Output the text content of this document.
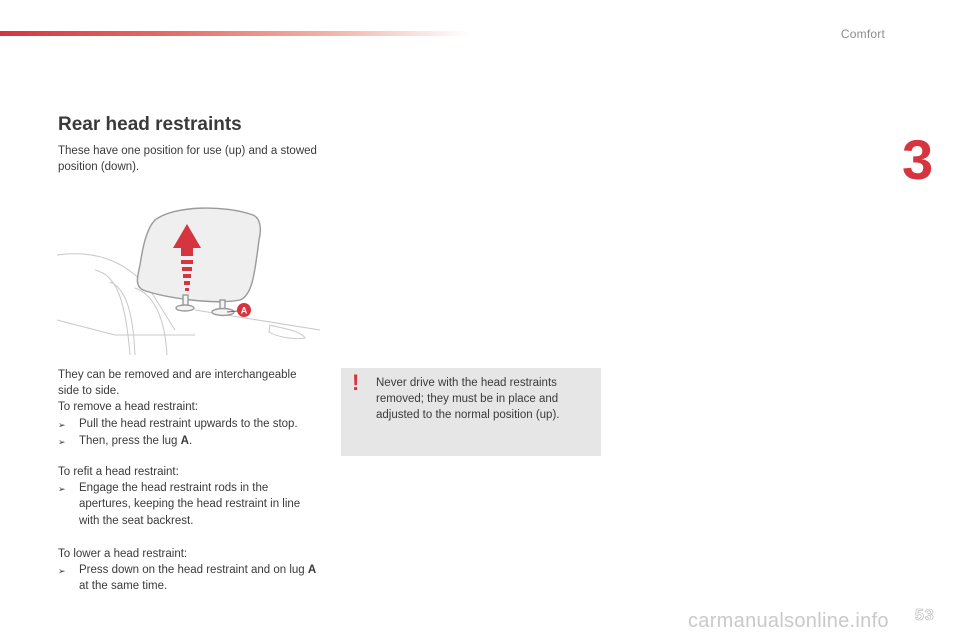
Comfort
3
Rear head restraints

These have one position for use (up) and a stowed position (down).

A
They can be removed and are interchangeable side to side.
To remove a head restraint:
➢	Pull the head restraint upwards to the stop.
➢	Then, press the lug A.
To refit a head restraint:
➢	Engage the head restraint rods in the apertures, keeping the head restraint in line with the seat backrest.
To lower a head restraint:
➢	Press down on the head restraint and on lug A at the same time.
! Never drive with the head restraints removed; they must be in place and adjusted to the normal position (up).
carmanualsonline.info 53
